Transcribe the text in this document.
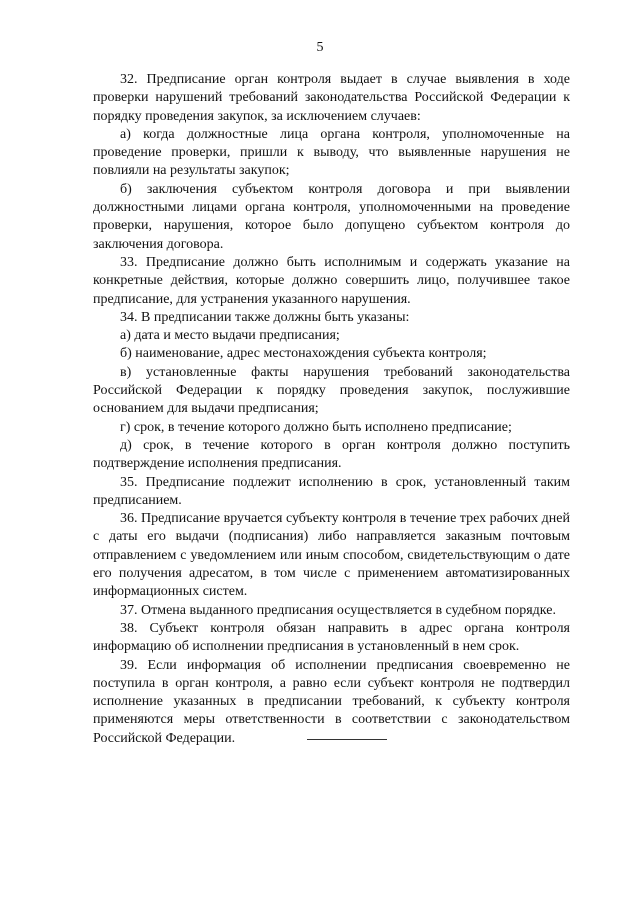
5

32. Предписание орган контроля выдает в случае выявления в ходе проверки нарушений требований законодательства Российской Федерации к порядку проведения закупок, за исключением случаев:

а) когда должностные лица органа контроля, уполномоченные на проведение проверки, пришли к выводу, что выявленные нарушения не повлияли на результаты закупок;

б) заключения субъектом контроля договора и при выявлении должностными лицами органа контроля, уполномоченными на проведение проверки, нарушения, которое было допущено субъектом контроля до заключения договора.

33. Предписание должно быть исполнимым и содержать указание на конкретные действия, которые должно совершить лицо, получившее такое предписание, для устранения указанного нарушения.

34. В предписании также должны быть указаны:

а) дата и место выдачи предписания;

б) наименование, адрес местонахождения субъекта контроля;

в) установленные факты нарушения требований законодательства Российской Федерации к порядку проведения закупок, послужившие основанием для выдачи предписания;

г) срок, в течение которого должно быть исполнено предписание;

д) срок, в течение которого в орган контроля должно поступить подтверждение исполнения предписания.

35. Предписание подлежит исполнению в срок, установленный таким предписанием.

36. Предписание вручается субъекту контроля в течение трех рабочих дней с даты его выдачи (подписания) либо направляется заказным почтовым отправлением с уведомлением или иным способом, свидетельствующим о дате его получения адресатом, в том числе с применением автоматизированных информационных систем.

37. Отмена выданного предписания осуществляется в судебном порядке.

38. Субъект контроля обязан направить в адрес органа контроля информацию об исполнении предписания в установленный в нем срок.

39. Если информация об исполнении предписания своевременно не поступила в орган контроля, а равно если субъект контроля не подтвердил исполнение указанных в предписании требований, к субъекту контроля применяются меры ответственности в соответствии с законодательством Российской Федерации.
